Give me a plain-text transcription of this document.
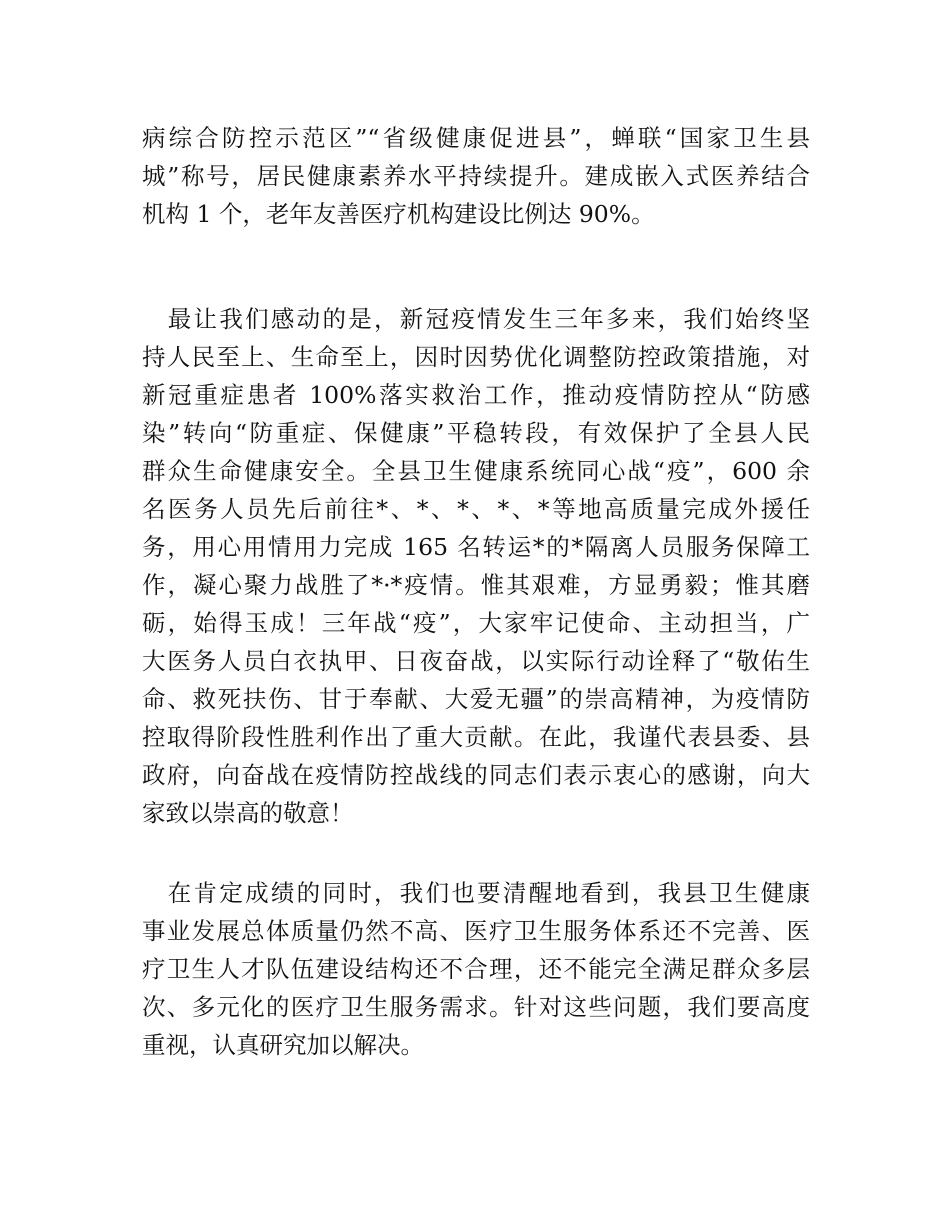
病综合防控示范区”“省级健康促进县”，蝉联“国家卫生县
城”称号，居民健康素养水平持续提升。建成嵌入式医养结合
机构 1 个，老年友善医疗机构建设比例达 90%。
　最让我们感动的是，新冠疫情发生三年多来，我们始终坚
持人民至上、生命至上，因时因势优化调整防控政策措施，对
新冠重症患者 100%落实救治工作，推动疫情防控从“防感
染”转向“防重症、保健康”平稳转段，有效保护了全县人民
群众生命健康安全。全县卫生健康系统同心战“疫”，600 余
名医务人员先后前往*、*、*、*、*等地高质量完成外援任
务，用心用情用力完成 165 名转运*的*隔离人员服务保障工
作，凝心聚力战胜了*·*疫情。惟其艰难，方显勇毅；惟其磨
砺，始得玉成！三年战“疫”，大家牢记使命、主动担当，广
大医务人员白衣执甲、日夜奋战，以实际行动诠释了“敬佑生
命、救死扶伤、甘于奉献、大爱无疆”的崇高精神，为疫情防
控取得阶段性胜利作出了重大贡献。在此，我谨代表县委、县
政府，向奋战在疫情防控战线的同志们表示衷心的感谢，向大
家致以崇高的敬意！
　在肯定成绩的同时，我们也要清醒地看到，我县卫生健康
事业发展总体质量仍然不高、医疗卫生服务体系还不完善、医
疗卫生人才队伍建设结构还不合理，还不能完全满足群众多层
次、多元化的医疗卫生服务需求。针对这些问题，我们要高度
重视，认真研究加以解决。
